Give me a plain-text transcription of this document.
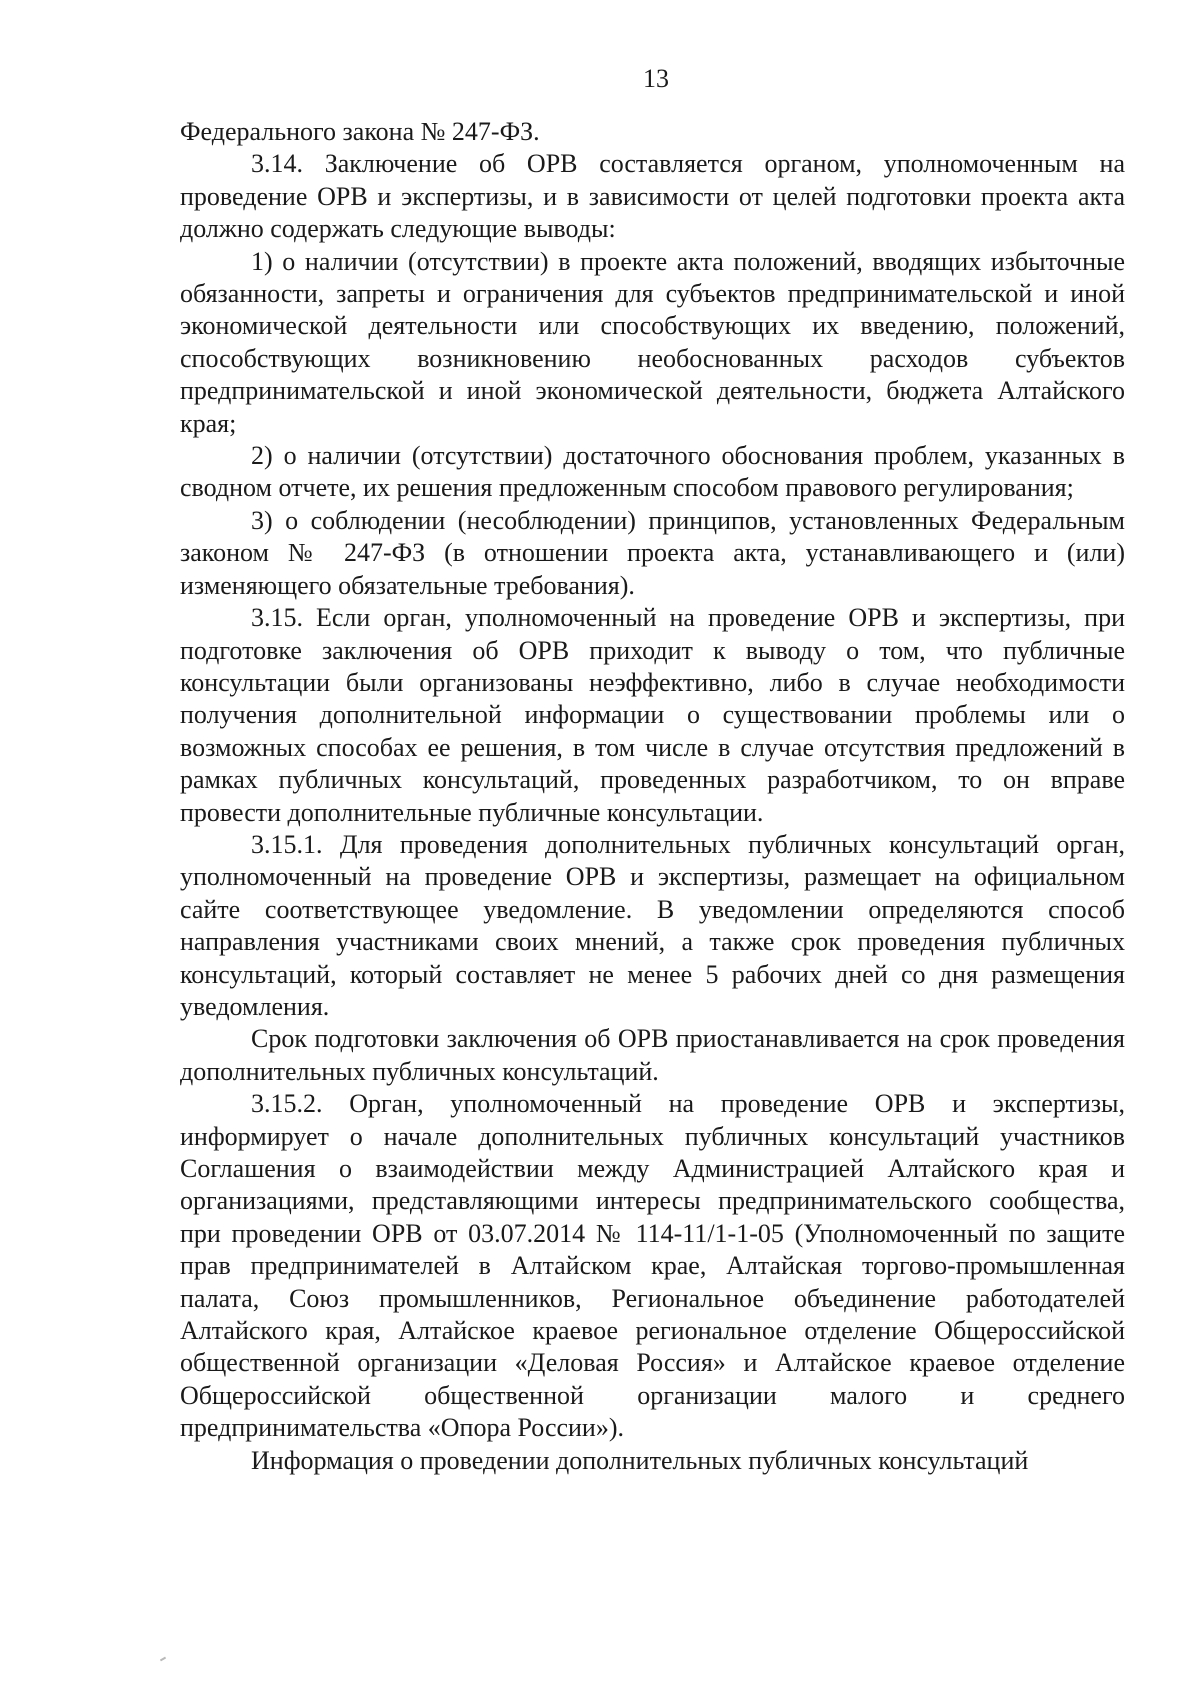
13

Федерального закона № 247-ФЗ.

3.14. Заключение об ОРВ составляется органом, уполномоченным на проведение ОРВ и экспертизы, и в зависимости от целей подготовки проекта акта должно содержать следующие выводы:

1) о наличии (отсутствии) в проекте акта положений, вводящих избыточные обязанности, запреты и ограничения для субъектов предпринимательской и иной экономической деятельности или способствующих их введению, положений, способствующих возникновению необоснованных расходов субъектов предпринимательской и иной экономической деятельности, бюджета Алтайского края;

2) о наличии (отсутствии) достаточного обоснования проблем, указанных в сводном отчете, их решения предложенным способом правового регулирования;

3) о соблюдении (несоблюдении) принципов, установленных Федеральным законом № 247-ФЗ (в отношении проекта акта, устанавливающего и (или) изменяющего обязательные требования).

3.15. Если орган, уполномоченный на проведение ОРВ и экспертизы, при подготовке заключения об ОРВ приходит к выводу о том, что публичные консультации были организованы неэффективно, либо в случае необходимости получения дополнительной информации о существовании проблемы или о возможных способах ее решения, в том числе в случае отсутствия предложений в рамках публичных консультаций, проведенных разработчиком, то он вправе провести дополнительные публичные консультации.

3.15.1. Для проведения дополнительных публичных консультаций орган, уполномоченный на проведение ОРВ и экспертизы, размещает на официальном сайте соответствующее уведомление. В уведомлении определяются способ направления участниками своих мнений, а также срок проведения публичных консультаций, который составляет не менее 5 рабочих дней со дня размещения уведомления.

Срок подготовки заключения об ОРВ приостанавливается на срок проведения дополнительных публичных консультаций.

3.15.2. Орган, уполномоченный на проведение ОРВ и экспертизы, информирует о начале дополнительных публичных консультаций участников Соглашения о взаимодействии между Администрацией Алтайского края и организациями, представляющими интересы предпринимательского сообщества, при проведении ОРВ от 03.07.2014 № 114-11/1-1-05 (Уполномоченный по защите прав предпринимателей в Алтайском крае, Алтайская торгово-промышленная палата, Союз промышленников, Региональное объединение работодателей Алтайского края, Алтайское краевое региональное отделение Общероссийской общественной организации «Деловая Россия» и Алтайское краевое отделение Общероссийской общественной организации малого и среднего предпринимательства «Опора России»).

Информация о проведении дополнительных публичных консультаций
